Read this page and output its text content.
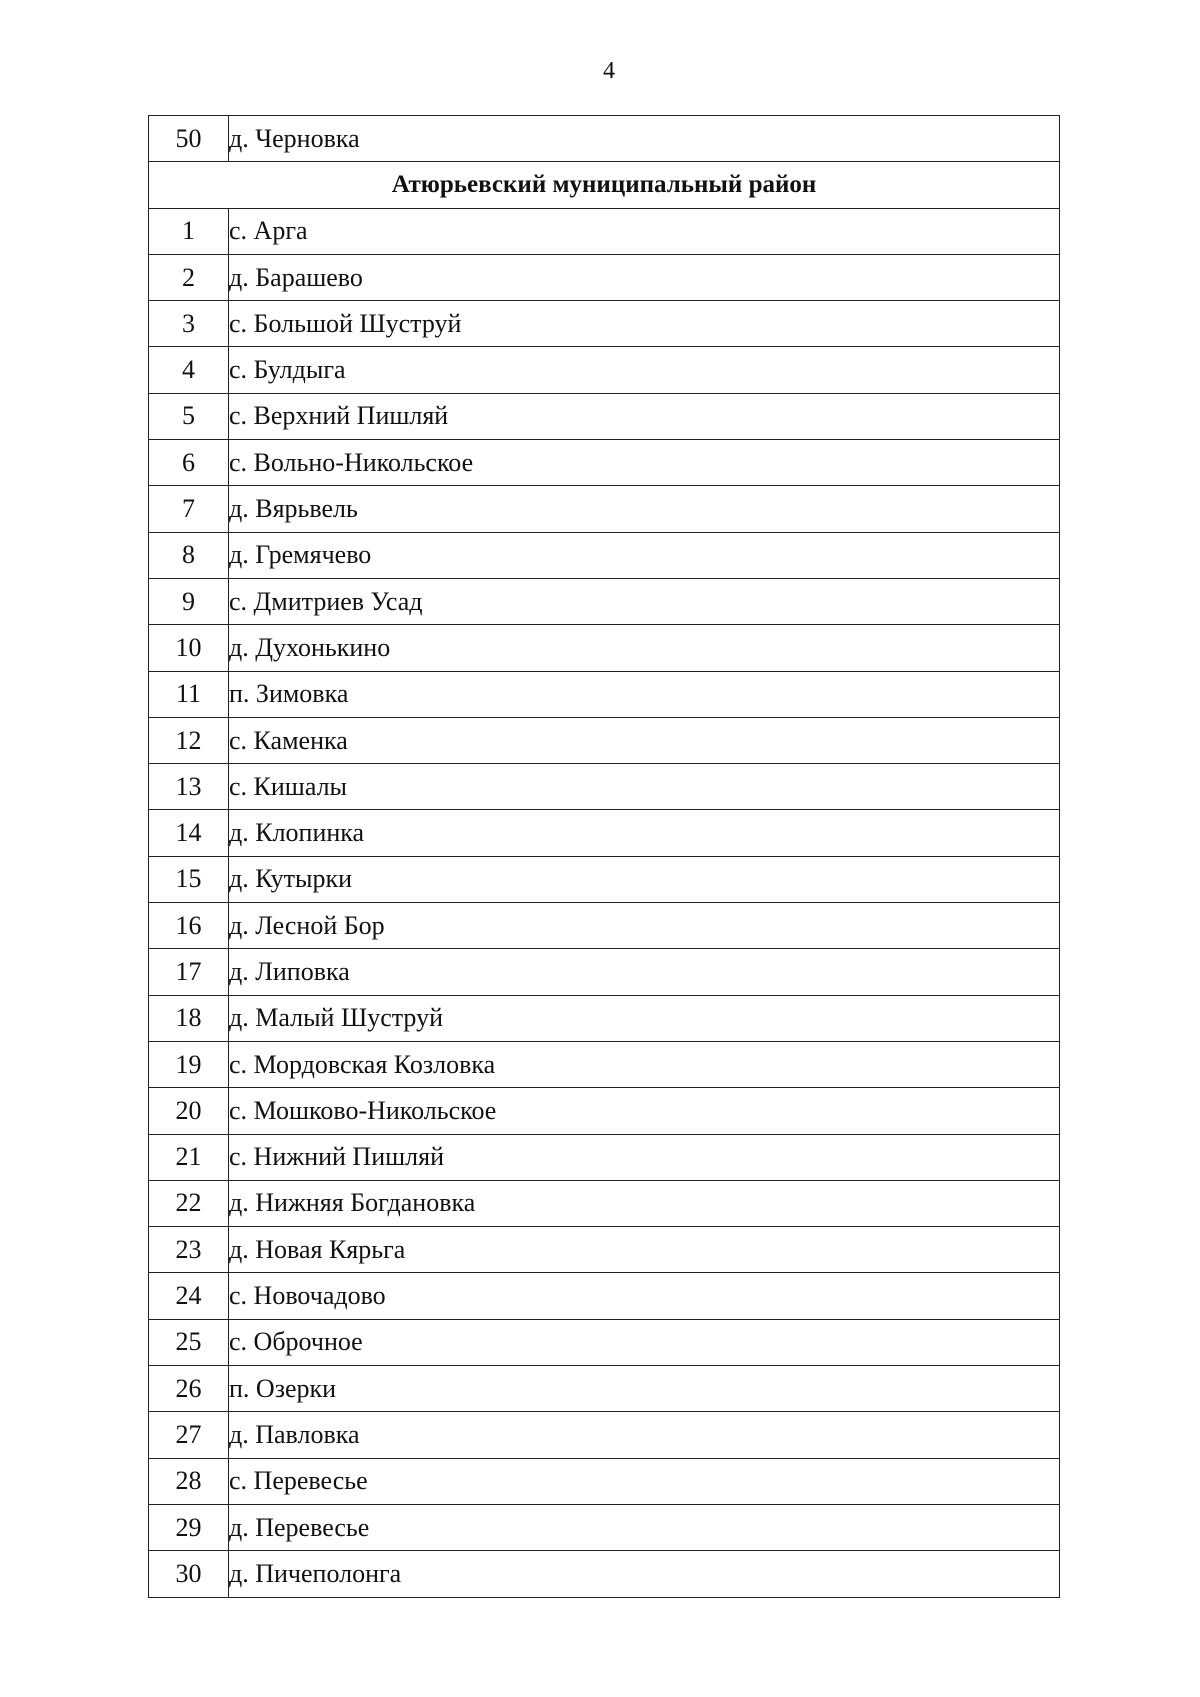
4
50	д. Черновка
Атюрьевский муниципальный район	
1	с. Арга
2	д. Барашево
3	с. Большой Шуструй
4	с. Булдыга
5	с. Верхний Пишляй
6	с. Вольно-Никольское
7	д. Вярьвель
8	д. Гремячево
9	с. Дмитриев Усад
10	д. Духонькино
11	п. Зимовка
12	с. Каменка
13	с. Кишалы
14	д. Клопинка
15	д. Кутырки
16	д. Лесной Бор
17	д. Липовка
18	д. Малый Шуструй
19	с. Мордовская Козловка
20	с. Мошково-Никольское
21	с. Нижний Пишляй
22	д. Нижняя Богдановка
23	д. Новая Кярьга
24	с. Новочадово
25	с. Оброчное
26	п. Озерки
27	д. Павловка
28	с. Перевесье
29	д. Перевесье
30	д. Пичеполонга
